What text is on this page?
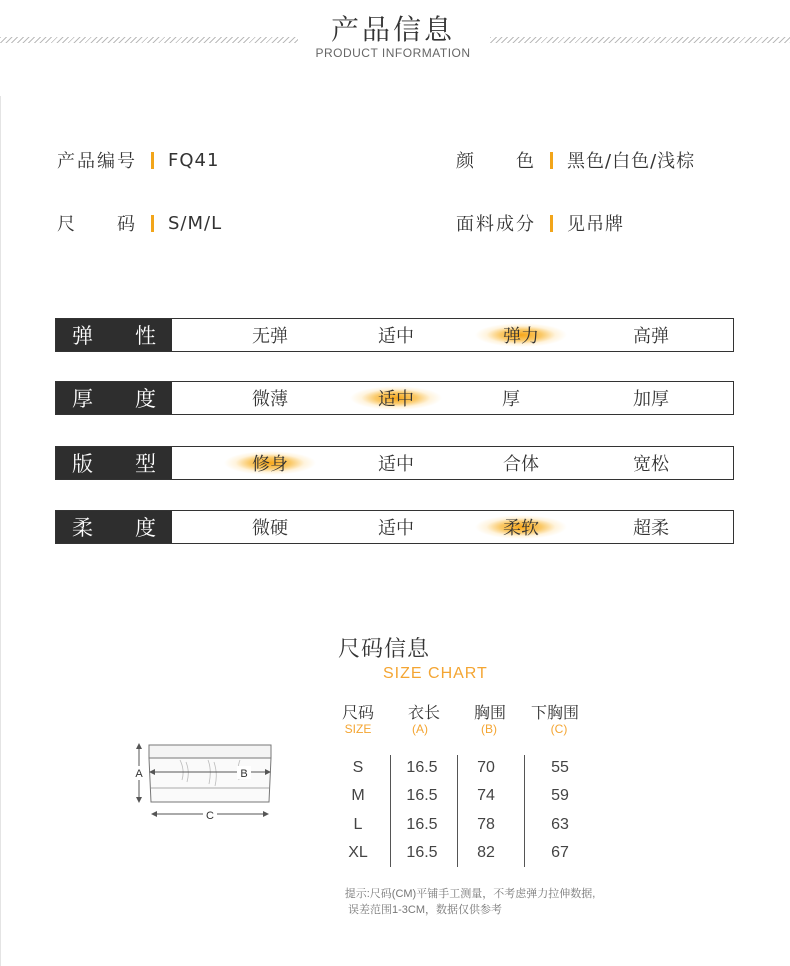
产品信息
PRODUCT INFORMATION
产品编号 FQ41	颜　　色 黑色/白色/浅棕
尺　　码 S/M/L	面料成分 见吊牌
弹 性	无弹	适中	弹力	高弹
厚 度	微薄	适中	厚	加厚
版 型	修身	适中	合体	宽松
柔 度	微硬	适中	柔软	超柔
尺码信息
SIZE CHART
尺码	衣长	胸围	下胸围
SIZE	(A)	(B)	(C)
S	16.5	70	55
M	16.5	74	59
L	16.5	78	63
XL	16.5	82	67
A	B
C
提示:尺码(CM)平铺手工测量，不考虑弹力拉伸数据,
误差范围1-3CM，数据仅供参考
